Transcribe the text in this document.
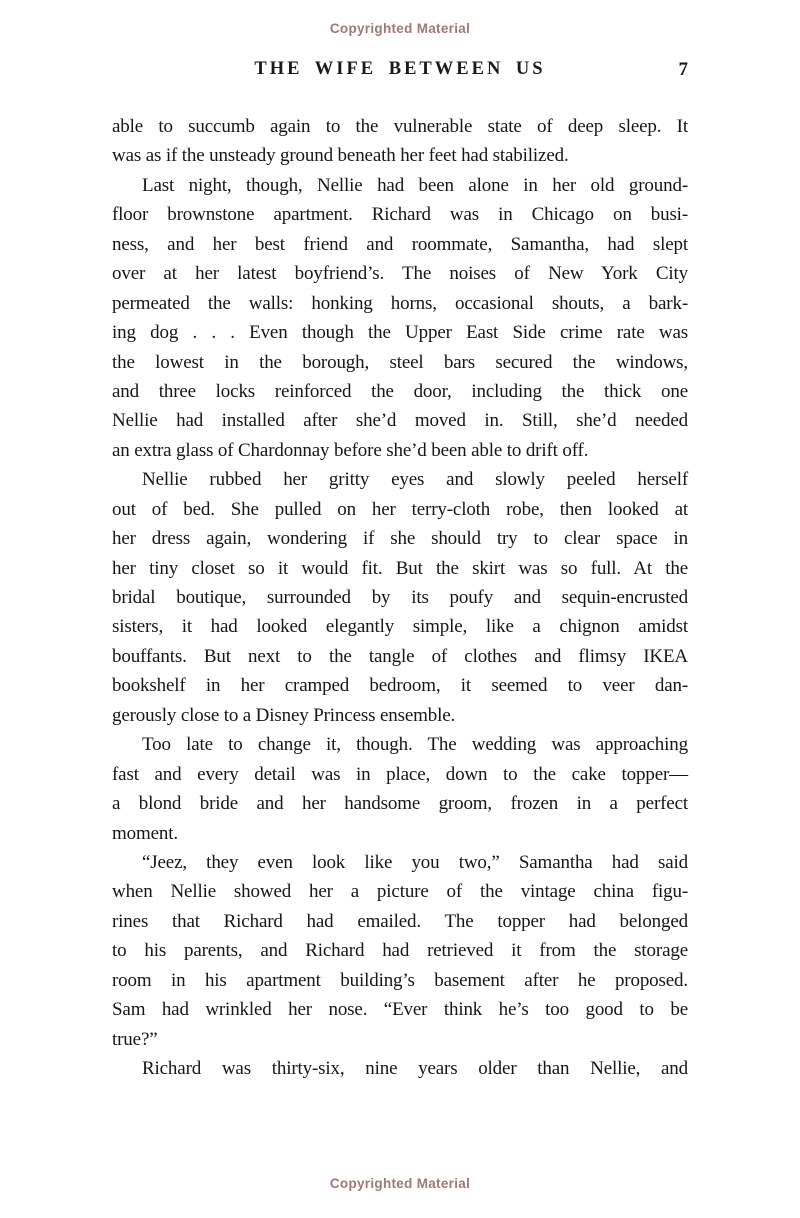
Copyrighted Material
THE WIFE BETWEEN US	7
able to succumb again to the vulnerable state of deep sleep. It
was as if the unsteady ground beneath her feet had stabilized.
Last night, though, Nellie had been alone in her old ground-
floor brownstone apartment. Richard was in Chicago on busi-
ness, and her best friend and roommate, Samantha, had slept
over at her latest boyfriend’s. The noises of New York City
permeated the walls: honking horns, occasional shouts, a bark-
ing dog . . . Even though the Upper East Side crime rate was
the lowest in the borough, steel bars secured the windows,
and three locks reinforced the door, including the thick one
Nellie had installed after she’d moved in. Still, she’d needed
an extra glass of Chardonnay before she’d been able to drift off.
Nellie rubbed her gritty eyes and slowly peeled herself
out of bed. She pulled on her terry-cloth robe, then looked at
her dress again, wondering if she should try to clear space in
her tiny closet so it would fit. But the skirt was so full. At the
bridal boutique, surrounded by its poufy and sequin-encrusted
sisters, it had looked elegantly simple, like a chignon amidst
bouffants. But next to the tangle of clothes and flimsy IKEA
bookshelf in her cramped bedroom, it seemed to veer dan-
gerously close to a Disney Princess ensemble.
Too late to change it, though. The wedding was approaching
fast and every detail was in place, down to the cake topper—
a blond bride and her handsome groom, frozen in a perfect
moment.
“Jeez, they even look like you two,” Samantha had said
when Nellie showed her a picture of the vintage china figu-
rines that Richard had emailed. The topper had belonged
to his parents, and Richard had retrieved it from the storage
room in his apartment building’s basement after he proposed.
Sam had wrinkled her nose. “Ever think he’s too good to be
true?”
Richard was thirty-six, nine years older than Nellie, and
Copyrighted Material
